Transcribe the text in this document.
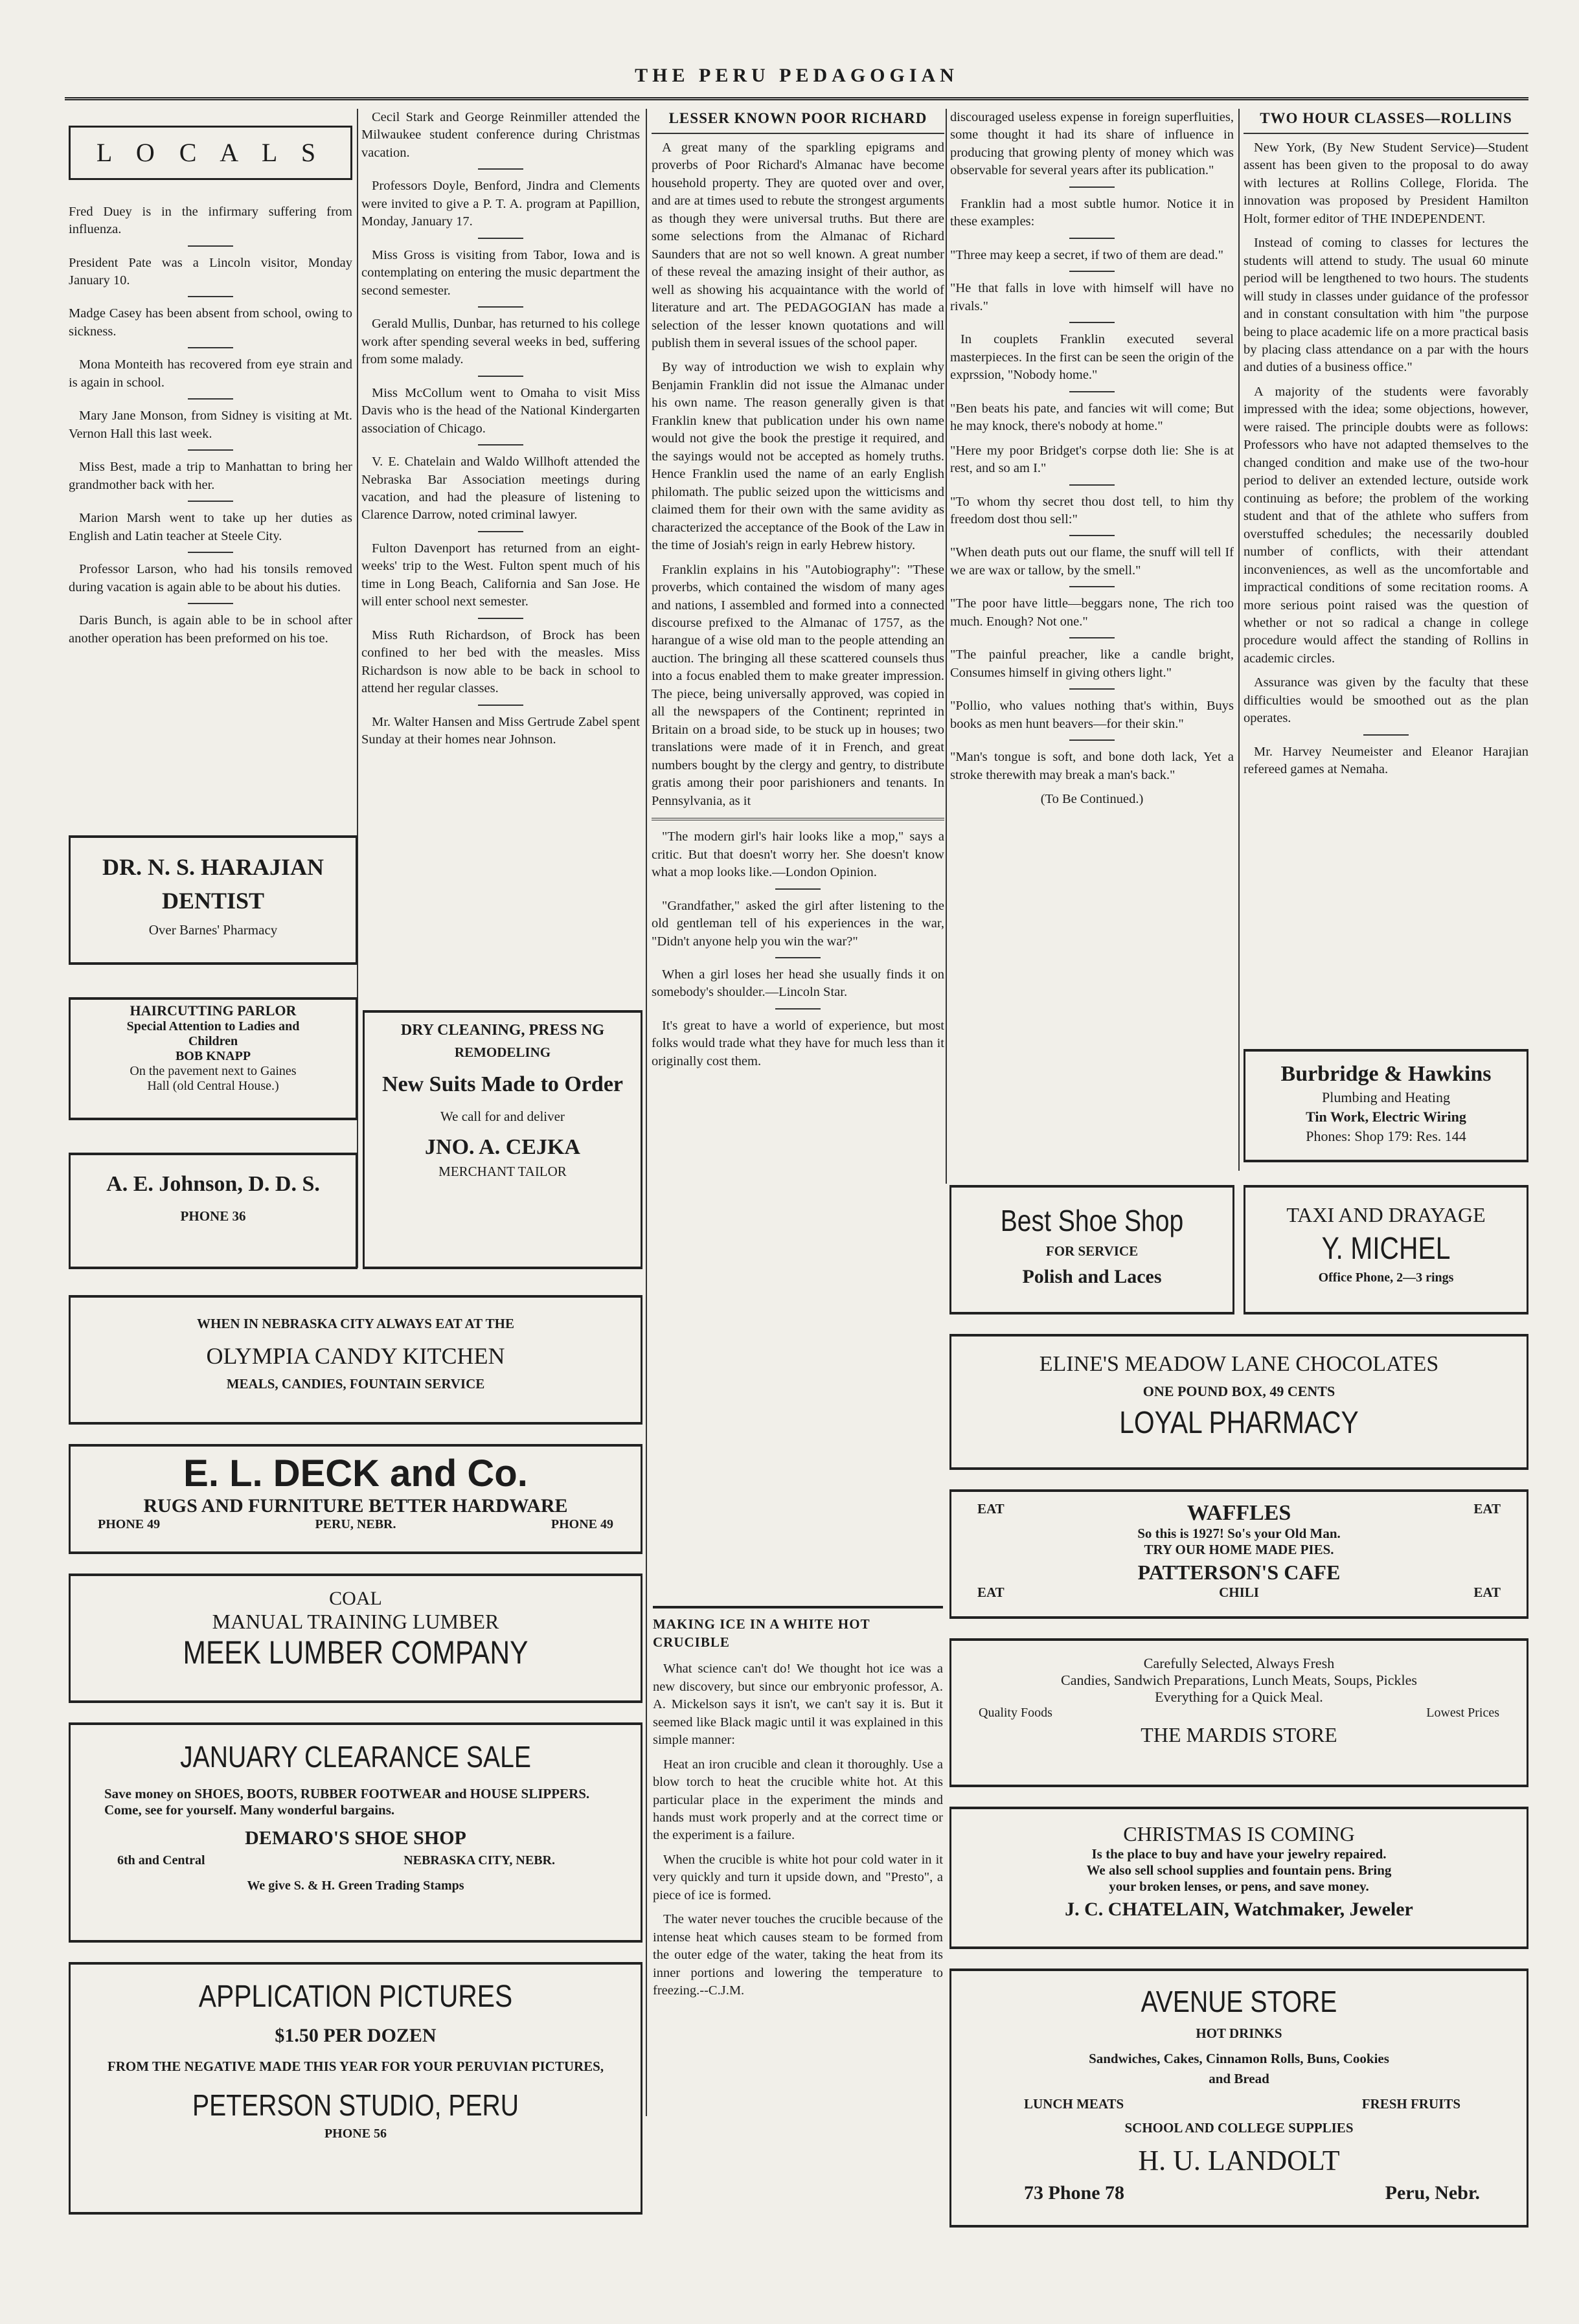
THE PERU PEDAGOGIAN
L O C A L S

Fred Duey is in the infirmary suffering from influenza.

President Pate was a Lincoln visitor, Monday January 10.

Madge Casey has been absent from school, owing to sickness.

Mona Monteith has recovered from eye strain and is again in school.

Mary Jane Monson, from Sidney is visiting at Mt. Vernon Hall this last week.

Miss Best, made a trip to Manhattan to bring her grandmother back with her.

Marion Marsh went to take up her duties as English and Latin teacher at Steele City.

Professor Larson, who had his tonsils removed during vacation is again able to be about his duties.

Daris Bunch, is again able to be in school after another operation has been preformed on his toe.

Cecil Stark and George Reinmiller attended the Milwaukee student conference during Christmas vacation.

Professors Doyle, Benford, Jindra and Clements were invited to give a P. T. A. program at Papillion, Monday, January 17.

Miss Gross is visiting from Tabor, Iowa and is contemplating on entering the music department the second semester.

Gerald Mullis, Dunbar, has returned to his college work after spending several weeks in bed, suffering from some malady.

Miss McCollum went to Omaha to visit Miss Davis who is the head of the National Kindergarten association of Chicago.

V. E. Chatelain and Waldo Willhoft attended the Nebraska Bar Association meetings during vacation, and had the pleasure of listening to Clarence Darrow, noted criminal lawyer.

Fulton Davenport has returned from an eight-weeks' trip to the West. Fulton spent much of his time in Long Beach, California and San Jose. He will enter school next semester.

Miss Ruth Richardson, of Brock has been confined to her bed with the measles. Miss Richardson is now able to be back in school to attend her regular classes.

Mr. Walter Hansen and Miss Gertrude Zabel spent Sunday at their homes near Johnson.

LESSER KNOWN POOR RICHARD

A great many of the sparkling epigrams and proverbs of Poor Richard's Almanac have become household property. They are quoted over and over, and are at times used to rebute the strongest arguments as though they were universal truths. But there are some selections from the Almanac of Richard Saunders that are not so well known. A great number of these reveal the amazing insight of their author, as well as showing his acquaintance with the world of literature and art. The PEDAGOGIAN has made a selection of the lesser known quotations and will publish them in several issues of the school paper.

By way of introduction we wish to explain why Benjamin Franklin did not issue the Almanac under his own name. The reason generally given is that Franklin knew that publication under his own name would not give the book the prestige it required, and the sayings would not be accepted as homely truths. Hence Franklin used the name of an early English philomath. The public seized upon the witticisms and claimed them for their own with the same avidity as characterized the acceptance of the Book of the Law in the time of Josiah's reign in early Hebrew history.

Franklin explains in his "Autobiography": "These proverbs, which contained the wisdom of many ages and nations, I assembled and formed into a connected discourse prefixed to the Almanac of 1757, as the harangue of a wise old man to the people attending an auction. The bringing all these scattered counsels thus into a focus enabled them to make greater impression. The piece, being universally approved, was copied in all the newspapers of the Continent; reprinted in Britain on a broad side, to be stuck up in houses; two translations were made of it in French, and great numbers bought by the clergy and gentry, to distribute gratis among their poor parishioners and tenants. In Pennsylvania, as it

"The modern girl's hair looks like a mop," says a critic. But that doesn't worry her. She doesn't know what a mop looks like.—London Opinion.

"Grandfather," asked the girl after listening to the old gentleman tell of his experiences in the war, "Didn't anyone help you win the war?"

When a girl loses her head she usually finds it on somebody's shoulder.—Lincoln Star.

It's great to have a world of experience, but most folks would trade what they have for much less than it originally cost them.

MAKING ICE IN A WHITE HOT CRUCIBLE

What science can't do! We thought hot ice was a new discovery, but since our embryonic professor, A. A. Mickelson says it isn't, we can't say it is. But it seemed like Black magic until it was explained in this simple manner:

Heat an iron crucible and clean it thoroughly. Use a blow torch to heat the crucible white hot. At this particular place in the experiment the minds and hands must work properly and at the correct time or the experiment is a failure.

When the crucible is white hot pour cold water in it very quickly and turn it upside down, and "Presto", a piece of ice is formed.

The water never touches the crucible because of the intense heat which causes steam to be formed from the outer edge of the water, taking the heat from its inner portions and lowering the temperature to freezing.--C.J.M.

discouraged useless expense in foreign superfluities, some thought it had its share of influence in producing that growing plenty of money which was observable for several years after its publication."

Franklin had a most subtle humor. Notice it in these examples:

"Three may keep a secret, if two of them are dead."

"He that falls in love with himself will have no rivals."

In couplets Franklin executed several masterpieces. In the first can be seen the origin of the exprssion, "Nobody home."

"Ben beats his pate, and fancies wit will come; But he may knock, there's nobody at home."

"Here my poor Bridget's corpse doth lie: She is at rest, and so am I."

"To whom thy secret thou dost tell, to him thy freedom dost thou sell:"

"When death puts out our flame, the snuff will tell If we are wax or tallow, by the smell."

"The poor have little—beggars none, The rich too much. Enough? Not one."

"The painful preacher, like a candle bright, Consumes himself in giving others light."

"Pollio, who values nothing that's within, Buys books as men hunt beavers—for their skin."

"Man's tongue is soft, and bone doth lack, Yet a stroke therewith may break a man's back."

(To Be Continued.)

TWO HOUR CLASSES—ROLLINS

New York, (By New Student Service)—Student assent has been given to the proposal to do away with lectures at Rollins College, Florida. The innovation was proposed by President Hamilton Holt, former editor of THE INDEPENDENT.

Instead of coming to classes for lectures the students will attend to study. The usual 60 minute period will be lengthened to two hours. The students will study in classes under guidance of the professor and in constant consultation with him "the purpose being to place academic life on a more practical basis by placing class attendance on a par with the hours and duties of a business office."

A majority of the students were favorably impressed with the idea; some objections, however, were raised. The principle doubts were as follows: Professors who have not adapted themselves to the changed condition and make use of the two-hour period to deliver an extended lecture, outside work continuing as before; the problem of the working student and that of the athlete who suffers from overstuffed schedules; the necessarily doubled number of conflicts, with their attendant inconveniences, as well as the uncomfortable and impractical conditions of some recitation rooms. A more serious point raised was the question of whether or not so radical a change in college procedure would affect the standing of Rollins in academic circles.

Assurance was given by the faculty that these difficulties would be smoothed out as the plan operates.

Mr. Harvey Neumeister and Eleanor Harajian refereed games at Nemaha.

DR. N. S. HARAJIAN
DENTIST
Over Barnes' Pharmacy
HAIRCUTTING PARLOR
Special Attention to Ladies and
Children
BOB KNAPP
On the pavement next to Gaines
Hall (old Central House.)
A. E. Johnson, D. D. S.
PHONE 36
DRY CLEANING, PRESS NG
REMODELING
New Suits Made to Order
We call for and deliver
JNO. A. CEJKA
MERCHANT TAILOR
WHEN IN NEBRASKA CITY ALWAYS EAT AT THE
OLYMPIA CANDY KITCHEN
MEALS, CANDIES, FOUNTAIN SERVICE
E. L. DECK and Co.
RUGS AND FURNITURE BETTER HARDWARE
PHONE 49	PERU, NEBR.	PHONE 49
COAL
MANUAL TRAINING LUMBER
MEEK LUMBER COMPANY
JANUARY CLEARANCE SALE
Save money on SHOES, BOOTS, RUBBER FOOTWEAR and HOUSE SLIPPERS. Come, see for yourself. Many wonderful bargains.
DEMARO'S SHOE SHOP
6th and Central	NEBRASKA CITY, NEBR.
We give S. & H. Green Trading Stamps
APPLICATION PICTURES
$1.50 PER DOZEN
FROM THE NEGATIVE MADE THIS YEAR FOR YOUR PERUVIAN PICTURES,
PETERSON STUDIO, PERU
PHONE 56
Burbridge & Hawkins
Plumbing and Heating
Tin Work, Electric Wiring
Phones: Shop 179: Res. 144
Best Shoe Shop
FOR SERVICE
Polish and Laces
TAXI AND DRAYAGE
Y. MICHEL
Office Phone, 2—3 rings
ELINE'S MEADOW LANE CHOCOLATES
ONE POUND BOX, 49 CENTS
LOYAL PHARMACY
EAT	WAFFLES	EAT
So this is 1927! So's your Old Man.
TRY OUR HOME MADE PIES.
PATTERSON'S CAFE
EAT	CHILI	EAT
Carefully Selected, Always Fresh
Candies, Sandwich Preparations, Lunch Meats, Soups, Pickles
Everything for a Quick Meal.
Quality Foods	Lowest Prices
THE MARDIS STORE
CHRISTMAS IS COMING
Is the place to buy and have your jewelry repaired.
We also sell school supplies and fountain pens. Bring
your broken lenses, or pens, and save money.
J. C. CHATELAIN, Watchmaker, Jeweler
AVENUE STORE
HOT DRINKS
Sandwiches, Cakes, Cinnamon Rolls, Buns, Cookies
and Bread
LUNCH MEATS	FRESH FRUITS
SCHOOL AND COLLEGE SUPPLIES
H. U. LANDOLT
73 Phone 78	Peru, Nebr.
